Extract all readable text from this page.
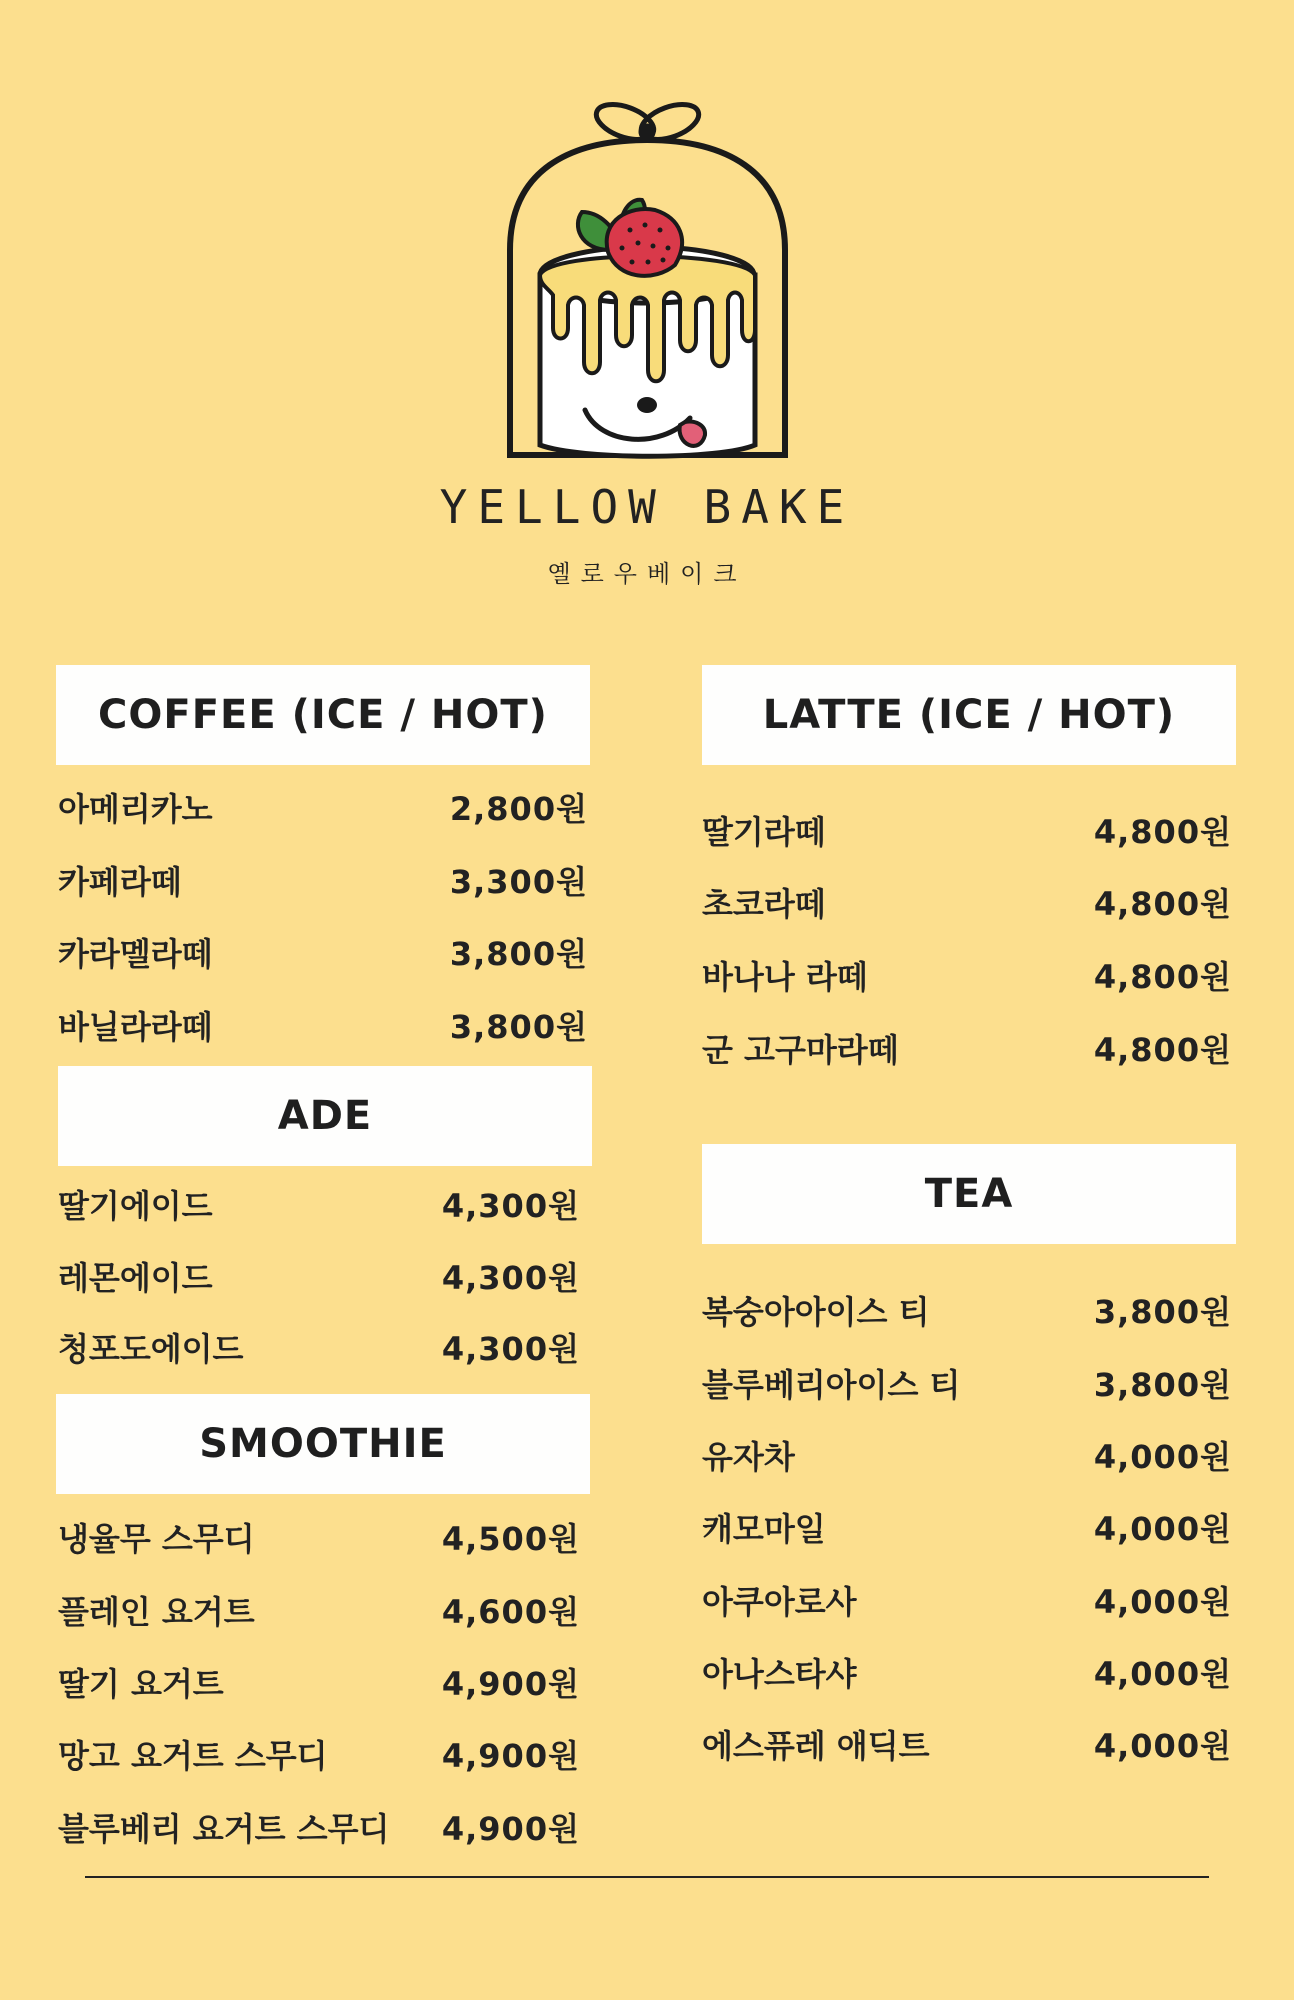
YELLOW BAKE
옐로우베이크
COFFEE (ICE / HOT)
아메리카노	2,800원
카페라떼	3,300원
카라멜라떼	3,800원
바닐라라떼	3,800원
ADE
딸기에이드	4,300원
레몬에이드	4,300원
청포도에이드	4,300원
SMOOTHIE
냉율무 스무디	4,500원
플레인 요거트	4,600원
딸기 요거트	4,900원
망고 요거트 스무디	4,900원
블루베리 요거트 스무디 4,900원
LATTE (ICE / HOT)
딸기라떼	4,800원
초코라떼	4,800원
바나나 라떼	4,800원
군 고구마라떼	4,800원
TEA
복숭아아이스 티	3,800원
블루베리아이스 티	3,800원
유자차	4,000원
캐모마일	4,000원
아쿠아로사	4,000원
아나스타샤	4,000원
에스퓨레 애딕트	4,000원
